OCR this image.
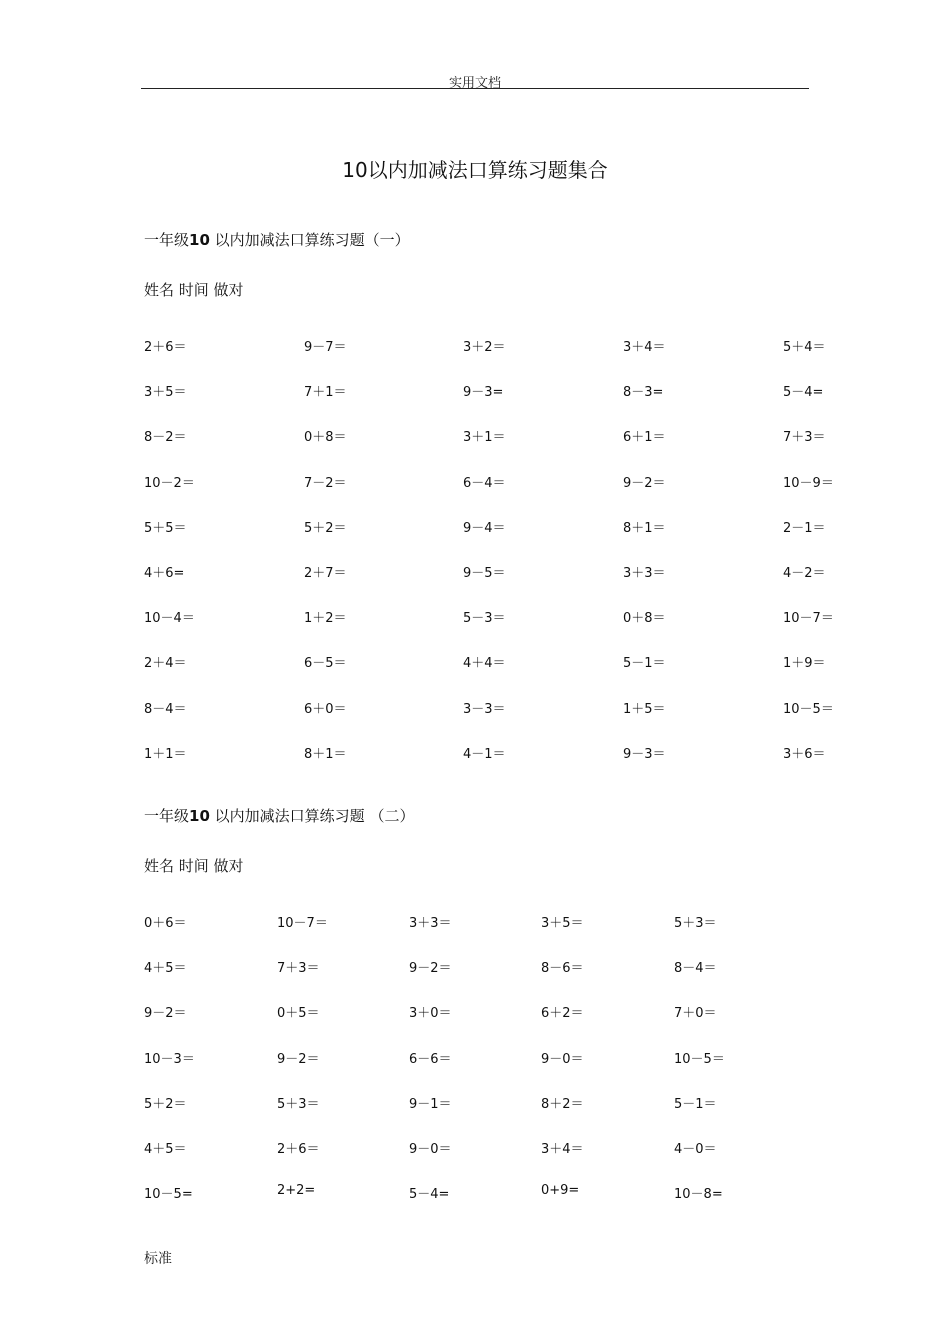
实用文档
10以内加减法口算练习题集合
一年级10 以内加减法口算练习题（一）
姓名 时间 做对
2＋6＝	9－7＝	3＋2＝	3＋4＝	5＋4＝
3＋5＝	7＋1＝	9－3=	8－3=	5－4=
8－2＝	0＋8＝	3＋1＝	6＋1＝	7＋3＝
10－2＝	7－2＝	6－4＝	9－2＝	10－9＝
5＋5＝	5＋2＝	9－4＝	8＋1＝	2－1＝
4＋6=	2＋7＝	9－5＝	3＋3＝	4－2＝
10－4＝	1＋2＝	5－3＝	0＋8＝	10－7＝
2＋4＝	6－5＝	4＋4＝	5－1＝	1＋9＝
8－4＝	6＋0＝	3－3＝	1＋5＝	10－5＝
1＋1＝	8＋1＝	4－1＝	9－3＝	3＋6＝
一年级10 以内加减法口算练习题 （二）
姓名 时间 做对
0＋6＝	10－7＝	3＋3＝	3＋5＝	5＋3＝
4＋5＝	7＋3＝	9－2＝	8－6＝	8－4＝
9－2＝	0＋5＝	3＋0＝	6＋2＝	7＋0＝
10－3＝	9－2＝	6－6＝	9－0＝	10－5＝
5＋2＝	5＋3＝	9－1＝	8＋2＝	5－1＝
4＋5＝	2＋6＝	9－0＝	3＋4＝	4－0＝
10－5=	2+2=	5－4=	0+9=	10－8=
标准
